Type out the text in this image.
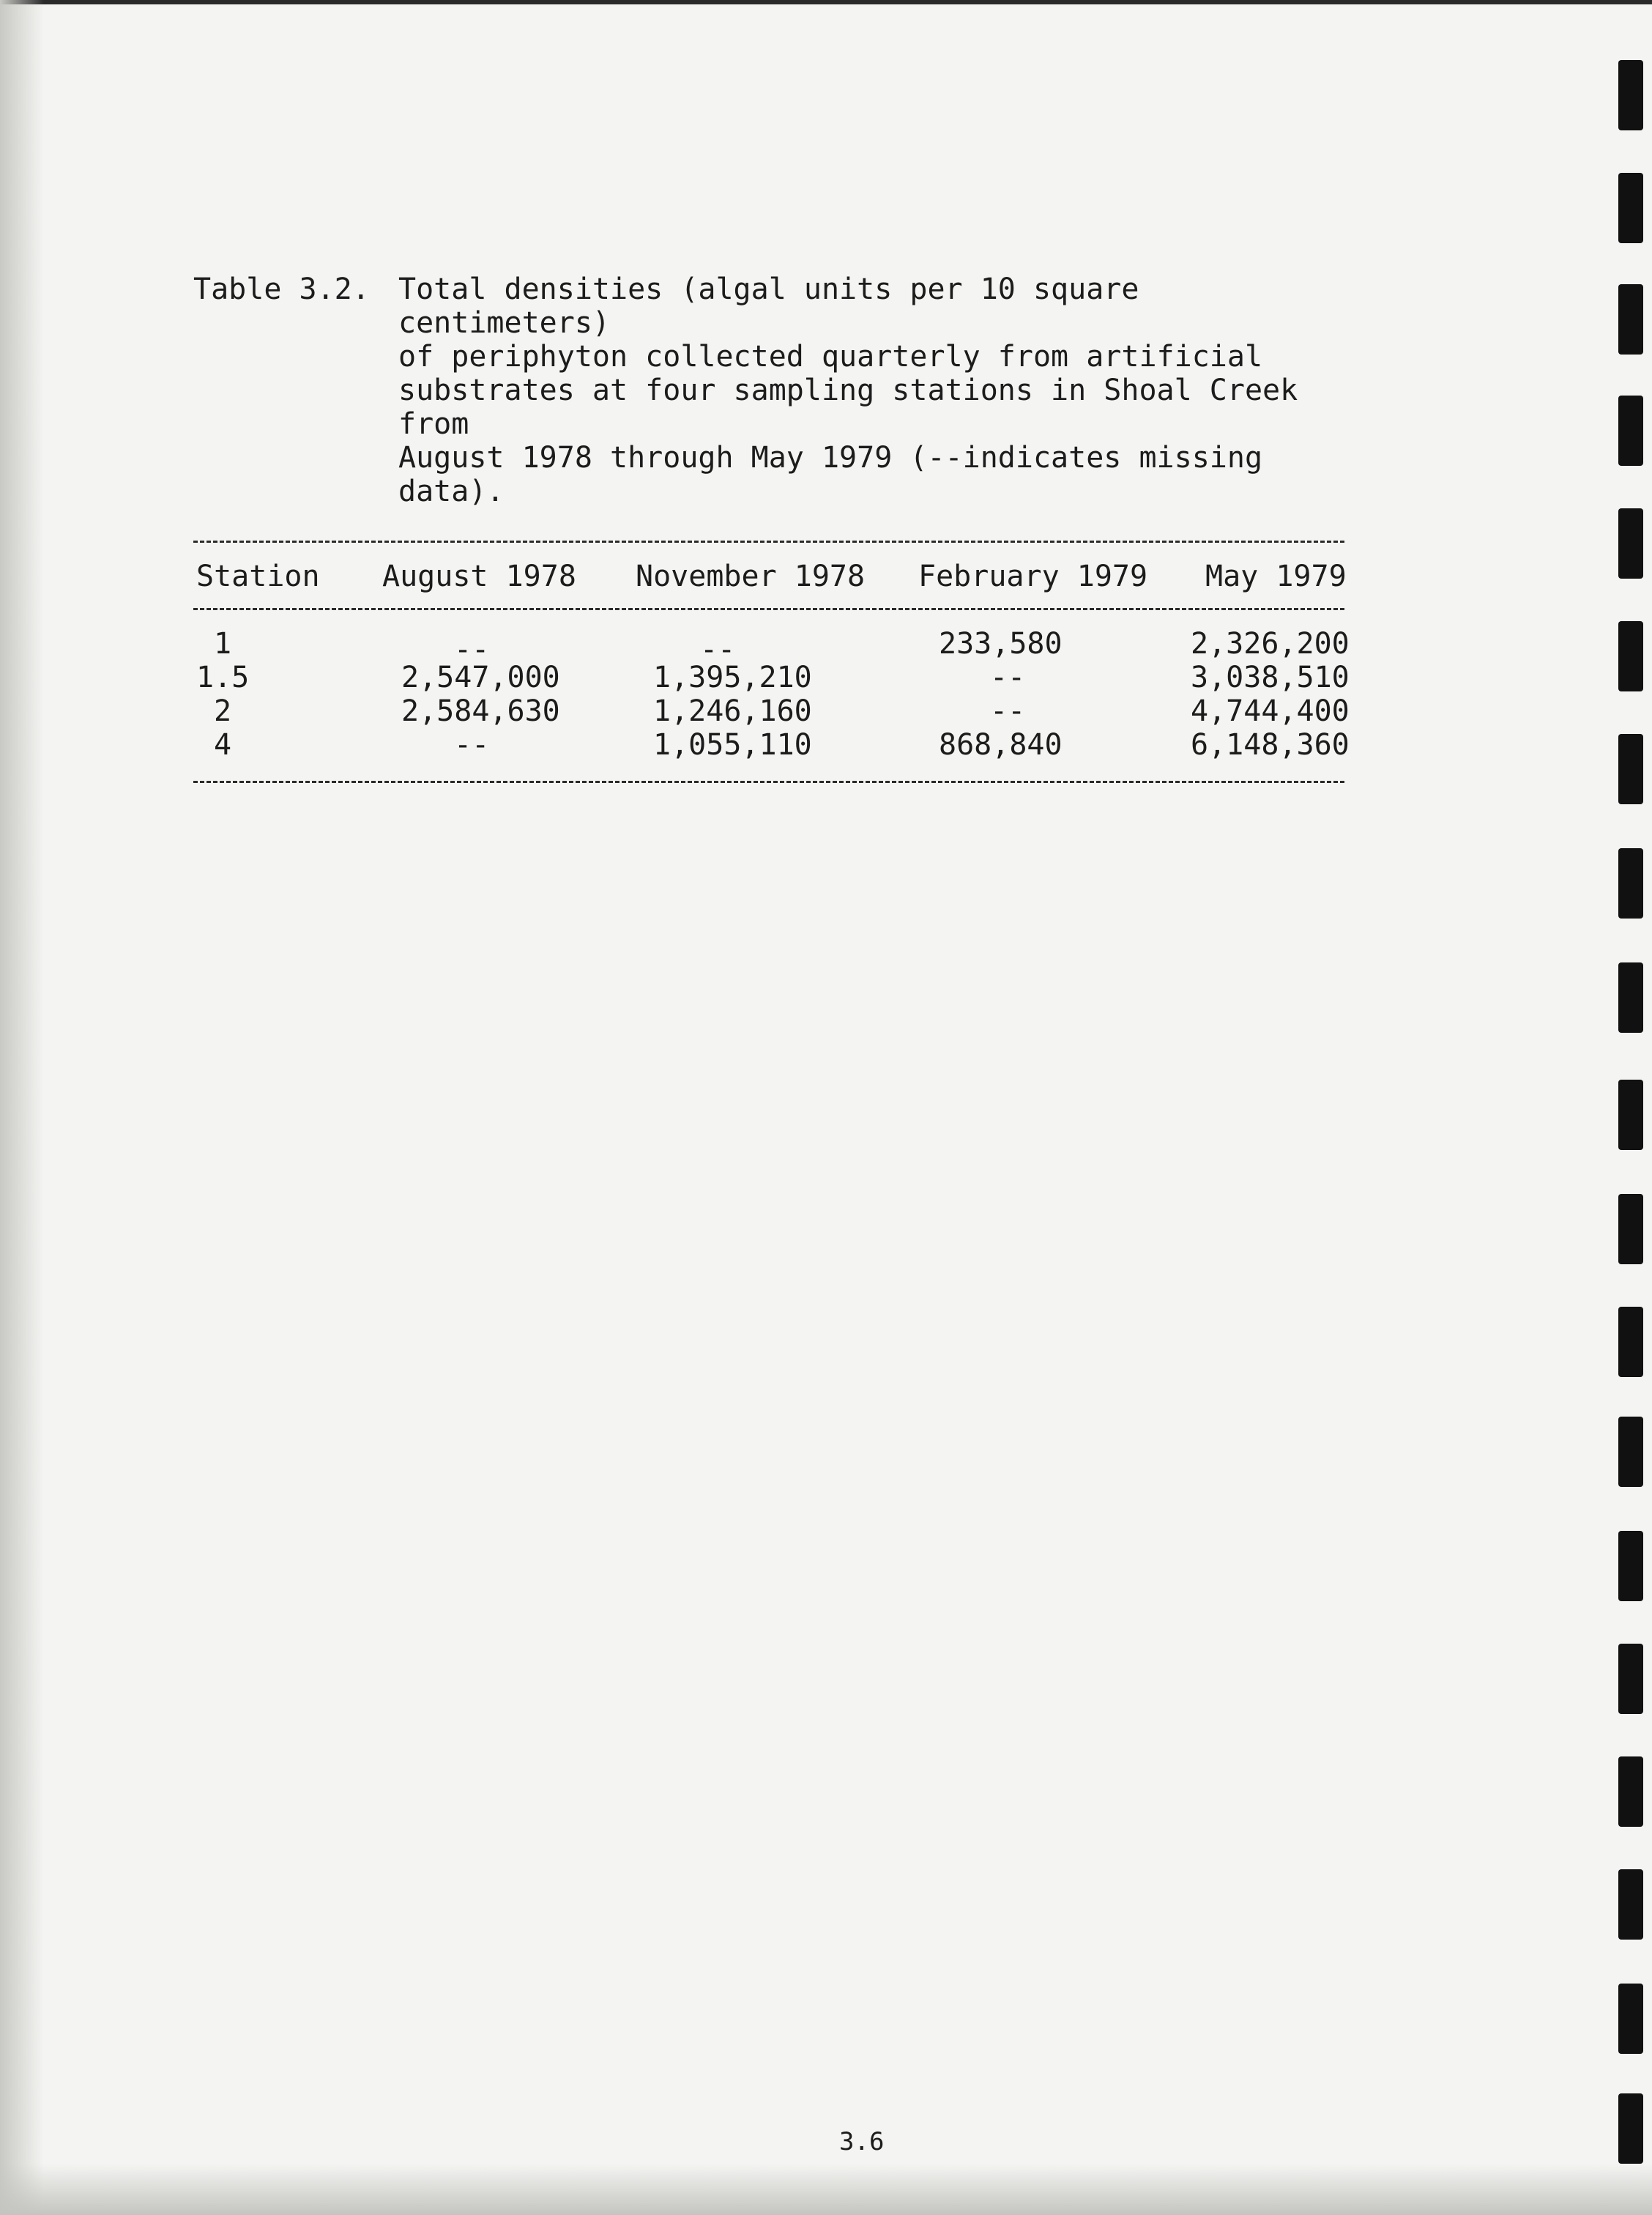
Table 3.2. Total densities (algal units per 10 square centimeters)
of periphyton collected quarterly from artificial
substrates at four sampling stations in Shoal Creek from
August 1978 through May 1979 (--indicates missing
data).
Station August 1978 November 1978 February 1979 May 1979
1	--	--	233,580	2,326,200
1.5	2,547,000	1,395,210	--	3,038,510
2	2,584,630	1,246,160	--	4,744,400
4	--	1,055,110	868,840	6,148,360
3.6
